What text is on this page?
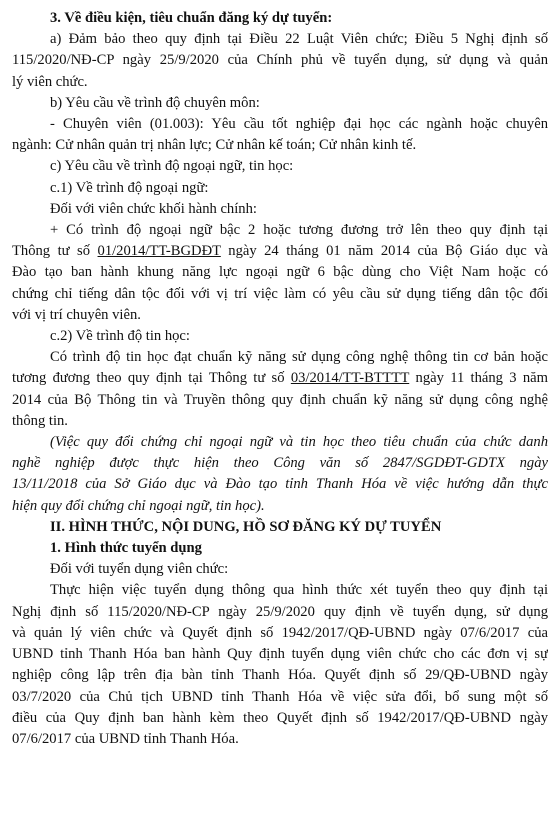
3. Về điều kiện, tiêu chuẩn đăng ký dự tuyển:
a) Đảm bảo theo quy định tại Điều 22 Luật Viên chức; Điều 5 Nghị định số
115/2020/NĐ-CP ngày 25/9/2020 của Chính phủ về tuyển dụng, sử dụng và quản
lý viên chức.
b) Yêu cầu về trình độ chuyên môn:
- Chuyên viên (01.003): Yêu cầu tốt nghiệp đại học các ngành hoặc chuyên
ngành: Cử nhân quản trị nhân lực; Cử nhân kế toán; Cử nhân kinh tế.
c) Yêu cầu về trình độ ngoại ngữ, tin học:
c.1) Về trình độ ngoại ngữ:
Đối với viên chức khối hành chính:
+ Có trình độ ngoại ngữ bậc 2 hoặc tương đương trở lên theo quy định tại
Thông tư số 01/2014/TT-BGDĐT ngày 24 tháng 01 năm 2014 của Bộ Giáo dục và
Đào tạo ban hành khung năng lực ngoại ngữ 6 bậc dùng cho Việt Nam hoặc có
chứng chỉ tiếng dân tộc đối với vị trí việc làm có yêu cầu sử dụng tiếng dân tộc đối
với vị trí chuyên viên.
c.2) Về trình độ tin học:
Có trình độ tin học đạt chuẩn kỹ năng sử dụng công nghệ thông tin cơ bản hoặc
tương đương theo quy định tại Thông tư số 03/2014/TT-BTTTT ngày 11 tháng 3 năm
2014 của Bộ Thông tin và Truyền thông quy định chuẩn kỹ năng sử dụng công nghệ
thông tin.
(Việc quy đổi chứng chỉ ngoại ngữ và tin học theo tiêu chuẩn của chức danh
nghề nghiệp được thực hiện theo Công văn số 2847/SGDĐT-GDTX ngày
13/11/2018 của Sở Giáo dục và Đào tạo tỉnh Thanh Hóa về việc hướng dẫn thực
hiện quy đổi chứng chỉ ngoại ngữ, tin học).
II. HÌNH THỨC, NỘI DUNG, HỒ SƠ ĐĂNG KÝ DỰ TUYỂN
1. Hình thức tuyển dụng
Đối với tuyển dụng viên chức:
Thực hiện việc tuyển dụng thông qua hình thức xét tuyển theo quy định tại
Nghị định số 115/2020/NĐ-CP ngày 25/9/2020 quy định về tuyển dụng, sử dụng
và quản lý viên chức và Quyết định số 1942/2017/QĐ-UBND ngày 07/6/2017 của
UBND tỉnh Thanh Hóa ban hành Quy định tuyển dụng viên chức cho các đơn vị sự
nghiệp công lập trên địa bàn tỉnh Thanh Hóa. Quyết định số 29/QĐ-UBND ngày
03/7/2020 của Chủ tịch UBND tỉnh Thanh Hóa về việc sửa đổi, bổ sung một số
điều của Quy định ban hành kèm theo Quyết định số 1942/2017/QĐ-UBND ngày
07/6/2017 của UBND tỉnh Thanh Hóa.
